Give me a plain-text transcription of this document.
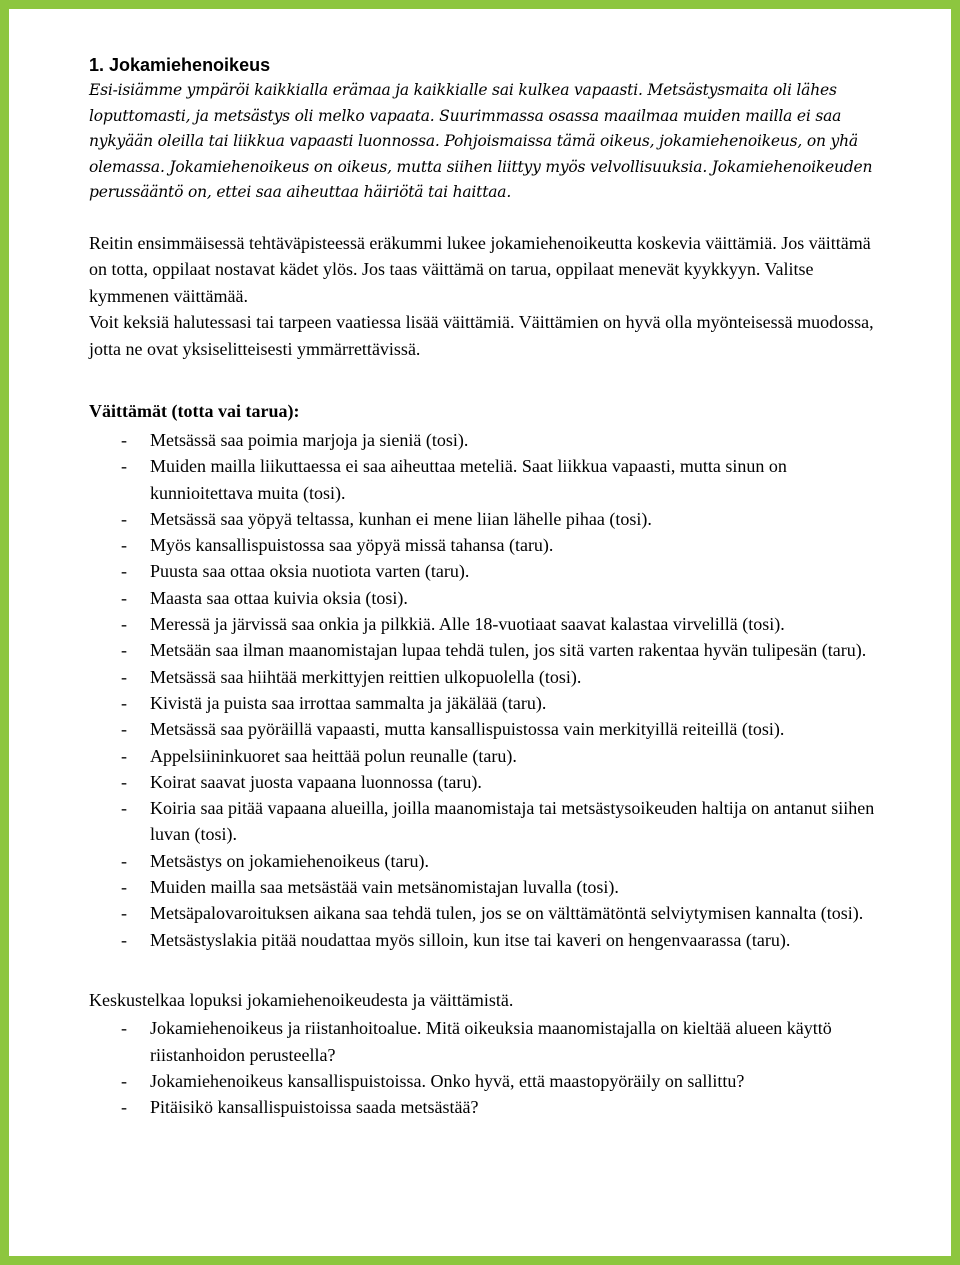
1. Jokamiehenoikeus

Esi-isiämme ympäröi kaikkialla erämaa ja kaikkialle sai kulkea vapaasti. Metsästysmaita oli lähes loputtomasti, ja metsästys oli melko vapaata. Suurimmassa osassa maailmaa muiden mailla ei saa nykyään oleilla tai liikkua vapaasti luonnossa. Pohjoismaissa tämä oikeus, jokamiehenoikeus, on yhä olemassa. Jokamiehenoikeus on oikeus, mutta siihen liittyy myös velvollisuuksia. Jokamiehenoikeuden perussääntö on, ettei saa aiheuttaa häiriötä tai haittaa.

Reitin ensimmäisessä tehtäväpisteessä eräkummi lukee jokamiehenoikeutta koskevia väittämiä. Jos väittämä on totta, oppilaat nostavat kädet ylös. Jos taas väittämä on tarua, oppilaat menevät kyykkyyn. Valitse kymmenen väittämää.

Voit keksiä halutessasi tai tarpeen vaatiessa lisää väittämiä. Väittämien on hyvä olla myönteisessä muodossa, jotta ne ovat yksiselitteisesti ymmärrettävissä.

Väittämät (totta vai tarua):

- Metsässä saa poimia marjoja ja sieniä (tosi).
- Muiden mailla liikuttaessa ei saa aiheuttaa meteliä. Saat liikkua vapaasti, mutta sinun on kunnioitettava muita (tosi).
- Metsässä saa yöpyä teltassa, kunhan ei mene liian lähelle pihaa (tosi).
- Myös kansallispuistossa saa yöpyä missä tahansa (taru).
- Puusta saa ottaa oksia nuotiota varten (taru).
- Maasta saa ottaa kuivia oksia (tosi).
- Meressä ja järvissä saa onkia ja pilkkiä. Alle 18-vuotiaat saavat kalastaa virvelillä (tosi).
- Metsään saa ilman maanomistajan lupaa tehdä tulen, jos sitä varten rakentaa hyvän tulipesän (taru).
- Metsässä saa hiihtää merkittyjen reittien ulkopuolella (tosi).
- Kivistä ja puista saa irrottaa sammalta ja jäkälää (taru).
- Metsässä saa pyöräillä vapaasti, mutta kansallispuistossa vain merkityillä reiteillä (tosi).
- Appelsiininkuoret saa heittää polun reunalle (taru).
- Koirat saavat juosta vapaana luonnossa (taru).
- Koiria saa pitää vapaana alueilla, joilla maanomistaja tai metsästysoikeuden haltija on antanut siihen luvan (tosi).
- Metsästys on jokamiehenoikeus (taru).
- Muiden mailla saa metsästää vain metsänomistajan luvalla (tosi).
- Metsäpalovaroituksen aikana saa tehdä tulen, jos se on välttämätöntä selviytymisen kannalta (tosi).
- Metsästyslakia pitää noudattaa myös silloin, kun itse tai kaveri on hengenvaarassa (taru).

Keskustelkaa lopuksi jokamiehenoikeudesta ja väittämistä.

- Jokamiehenoikeus ja riistanhoitoalue. Mitä oikeuksia maanomistajalla on kieltää alueen käyttö riistanhoidon perusteella?
- Jokamiehenoikeus kansallispuistoissa. Onko hyvä, että maastopyöräily on sallittu?
- Pitäisikö kansallispuistoissa saada metsästää?
